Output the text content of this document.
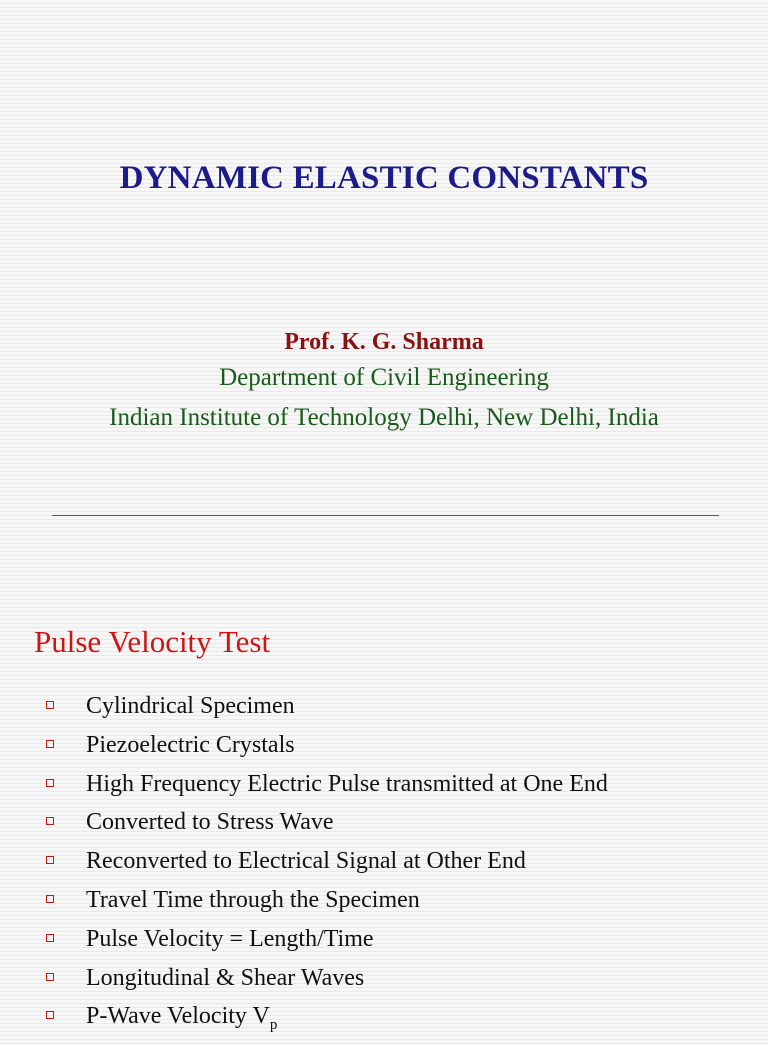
DYNAMIC ELASTIC CONSTANTS
Prof. K. G. Sharma
Department of Civil Engineering
Indian Institute of Technology Delhi, New Delhi, India
Pulse Velocity Test
Cylindrical Specimen
Piezoelectric Crystals
High Frequency Electric Pulse transmitted at One End
Converted to Stress Wave
Reconverted to Electrical Signal at Other End
Travel Time through the Specimen
Pulse Velocity = Length/Time
Longitudinal & Shear Waves
P-Wave Velocity $V_p$
